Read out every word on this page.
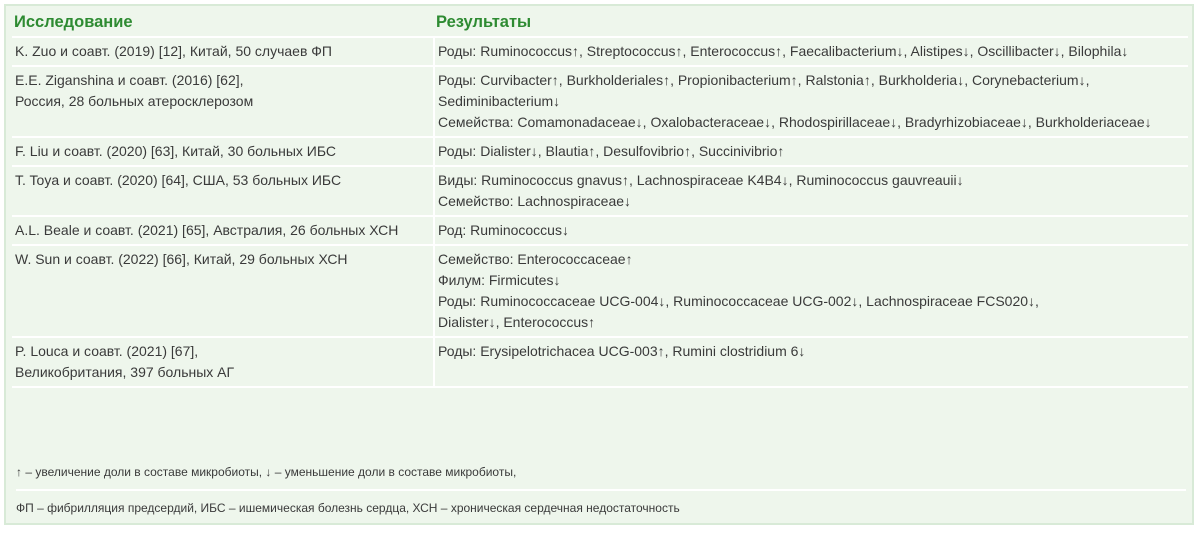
Исследование	Результаты

K. Zuo и соавт. (2019) [12], Китай, 50 случаев ФП	Роды: Ruminococcus↑, Streptococcus↑, Enterococcus↑, Faecalibacterium↓, Alistipes↓, Oscillibacter↓, Bilophila↓

E.E. Ziganshina и соавт. (2016) [62],
Россия, 28 больных атеросклерозом	Роды: Curvibacter↑, Burkholderiales↑, Propionibacterium↑, Ralstonia↑, Burkholderia↓, Corynebacterium↓,
Sediminibacterium↓
Семейства: Comamonadaceae↓, Oxalobacteraceae↓, Rhodospirillaceae↓, Bradyrhizobiaceae↓, Burkholderiaceae↓

F. Liu и соавт. (2020) [63], Китай, 30 больных ИБС	Роды: Dialister↓, Blautia↑, Desulfovibrio↑, Succinivibrio↑

T. Toya и соавт. (2020) [64], США, 53 больных ИБС	Виды: Ruminococcus gnavus↑, Lachnospiraceae K4B4↓, Ruminococcus gauvreauii↓
Семейство: Lachnospiraceae↓

A.L. Beale и соавт. (2021) [65], Австралия, 26 больных ХСН	Род: Ruminococcus↓

W. Sun и соавт. (2022) [66], Китай, 29 больных ХСН	Семейство: Enterococcaceae↑
Филум: Firmicutes↓
Роды: Ruminococcaceae UCG-004↓, Ruminococcaceae UCG-002↓, Lachnospiraceae FCS020↓,
Dialister↓, Enterococcus↑

P. Louca и соавт. (2021) [67],
Великобритания, 397 больных АГ	Роды: Erysipelotrichacea UCG-003↑, Rumini clostridium 6↓
↑ – увеличение доли в составе микробиоты, ↓ – уменьшение доли в составе микробиоты,
ФП – фибрилляция предсердий, ИБС – ишемическая болезнь сердца, ХСН – хроническая сердечная недостаточность
